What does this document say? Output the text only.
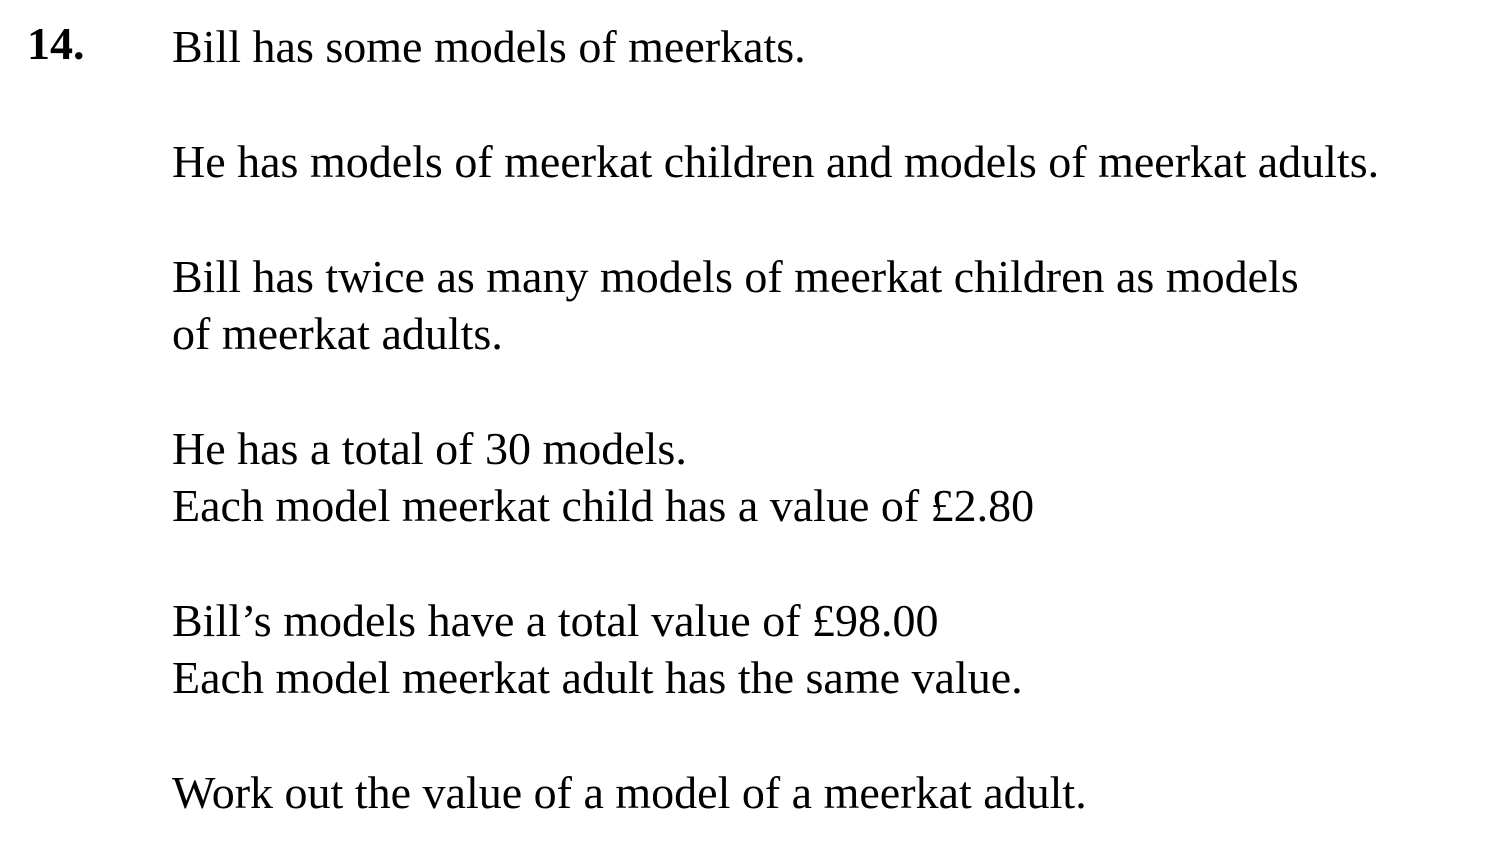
14. Bill has some models of meerkats.
He has models of meerkat children and models of meerkat adults.
Bill has twice as many models of meerkat children as models
of meerkat adults.
He has a total of 30 models.
Each model meerkat child has a value of £2.80
Bill’s models have a total value of £98.00
Each model meerkat adult has the same value.
Work out the value of a model of a meerkat adult.
